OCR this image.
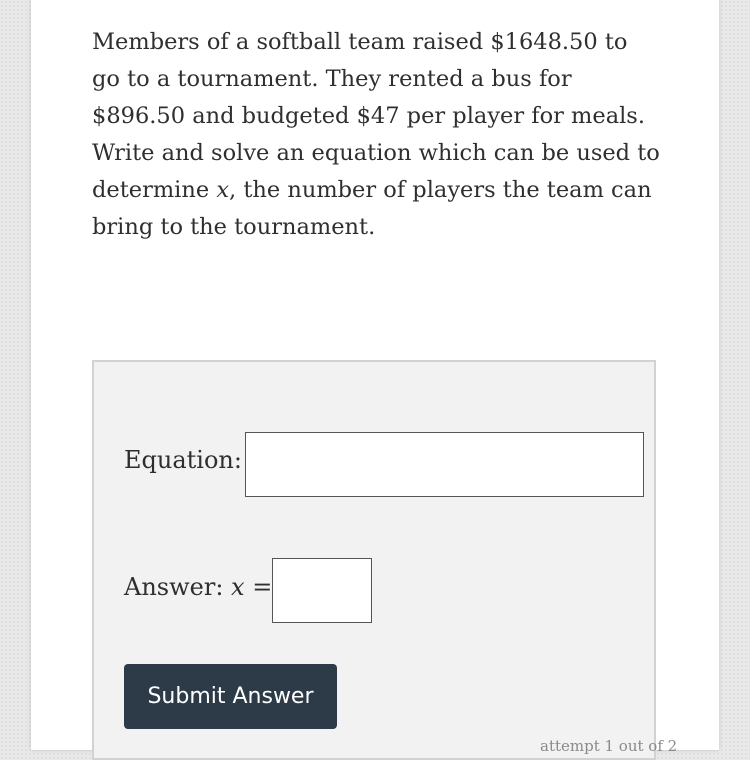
Members of a softball team raised $1648.50 to
go to a tournament. They rented a bus for
$896.50 and budgeted $47 per player for meals.
Write and solve an equation which can be used to
determine x, the number of players the team can
bring to the tournament.

Equation:
Answer: x =
Submit Answer
attempt 1 out of 2
